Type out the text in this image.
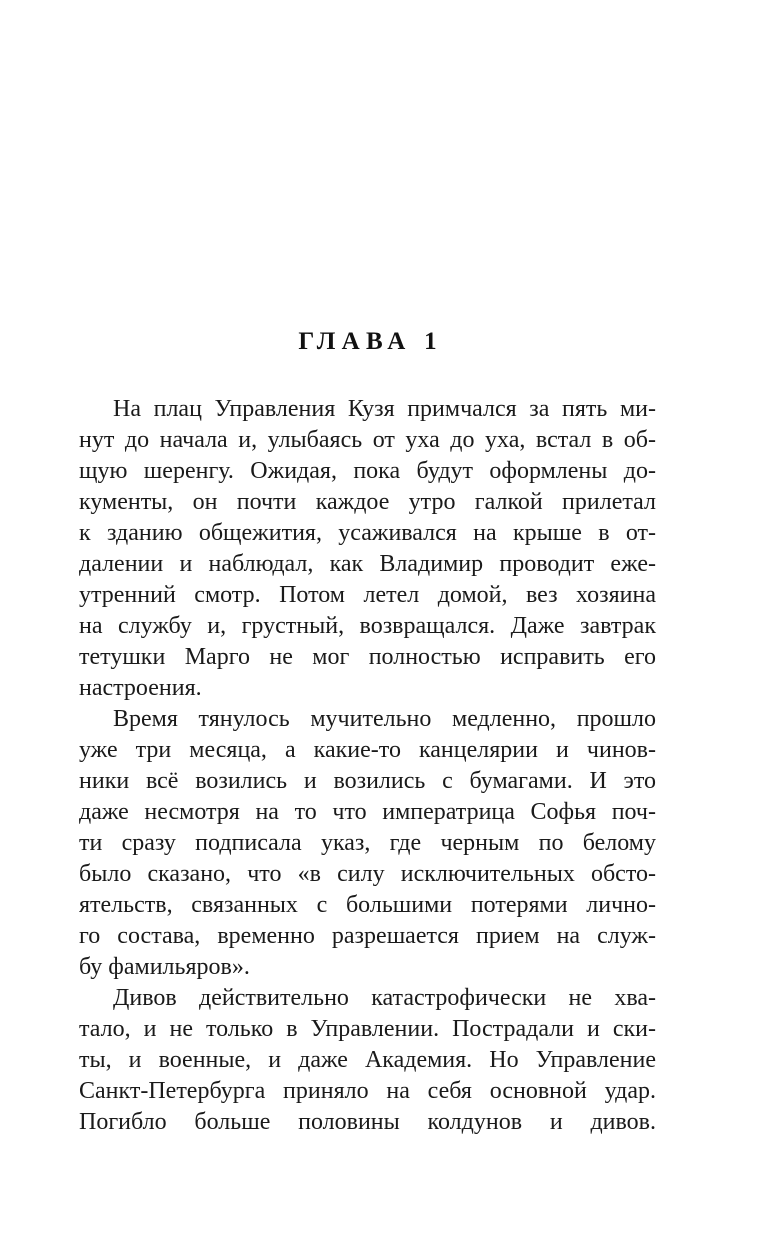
ГЛАВА 1
На плац Управления Кузя примчался за пять ми-
нут до начала и, улыбаясь от уха до уха, встал в об-
щую шеренгу. Ожидая, пока будут оформлены до-
кументы, он почти каждое утро галкой прилетал
к зданию общежития, усаживался на крыше в от-
далении и наблюдал, как Владимир проводит еже-
утренний смотр. Потом летел домой, вез хозяина
на службу и, грустный, возвращался. Даже завтрак
тетушки Марго не мог полностью исправить его
настроения.
Время тянулось мучительно медленно, прошло
уже три месяца, а какие-то канцелярии и чинов-
ники всё возились и возились с бумагами. И это
даже несмотря на то что императрица Софья поч-
ти сразу подписала указ, где черным по белому
было сказано, что «в силу исключительных обсто-
ятельств, связанных с большими потерями лично-
го состава, временно разрешается прием на служ-
бу фамильяров».
Дивов действительно катастрофически не хва-
тало, и не только в Управлении. Пострадали и ски-
ты, и военные, и даже Академия. Но Управление
Санкт-Петербурга приняло на себя основной удар.
Погибло больше половины колдунов и дивов.
